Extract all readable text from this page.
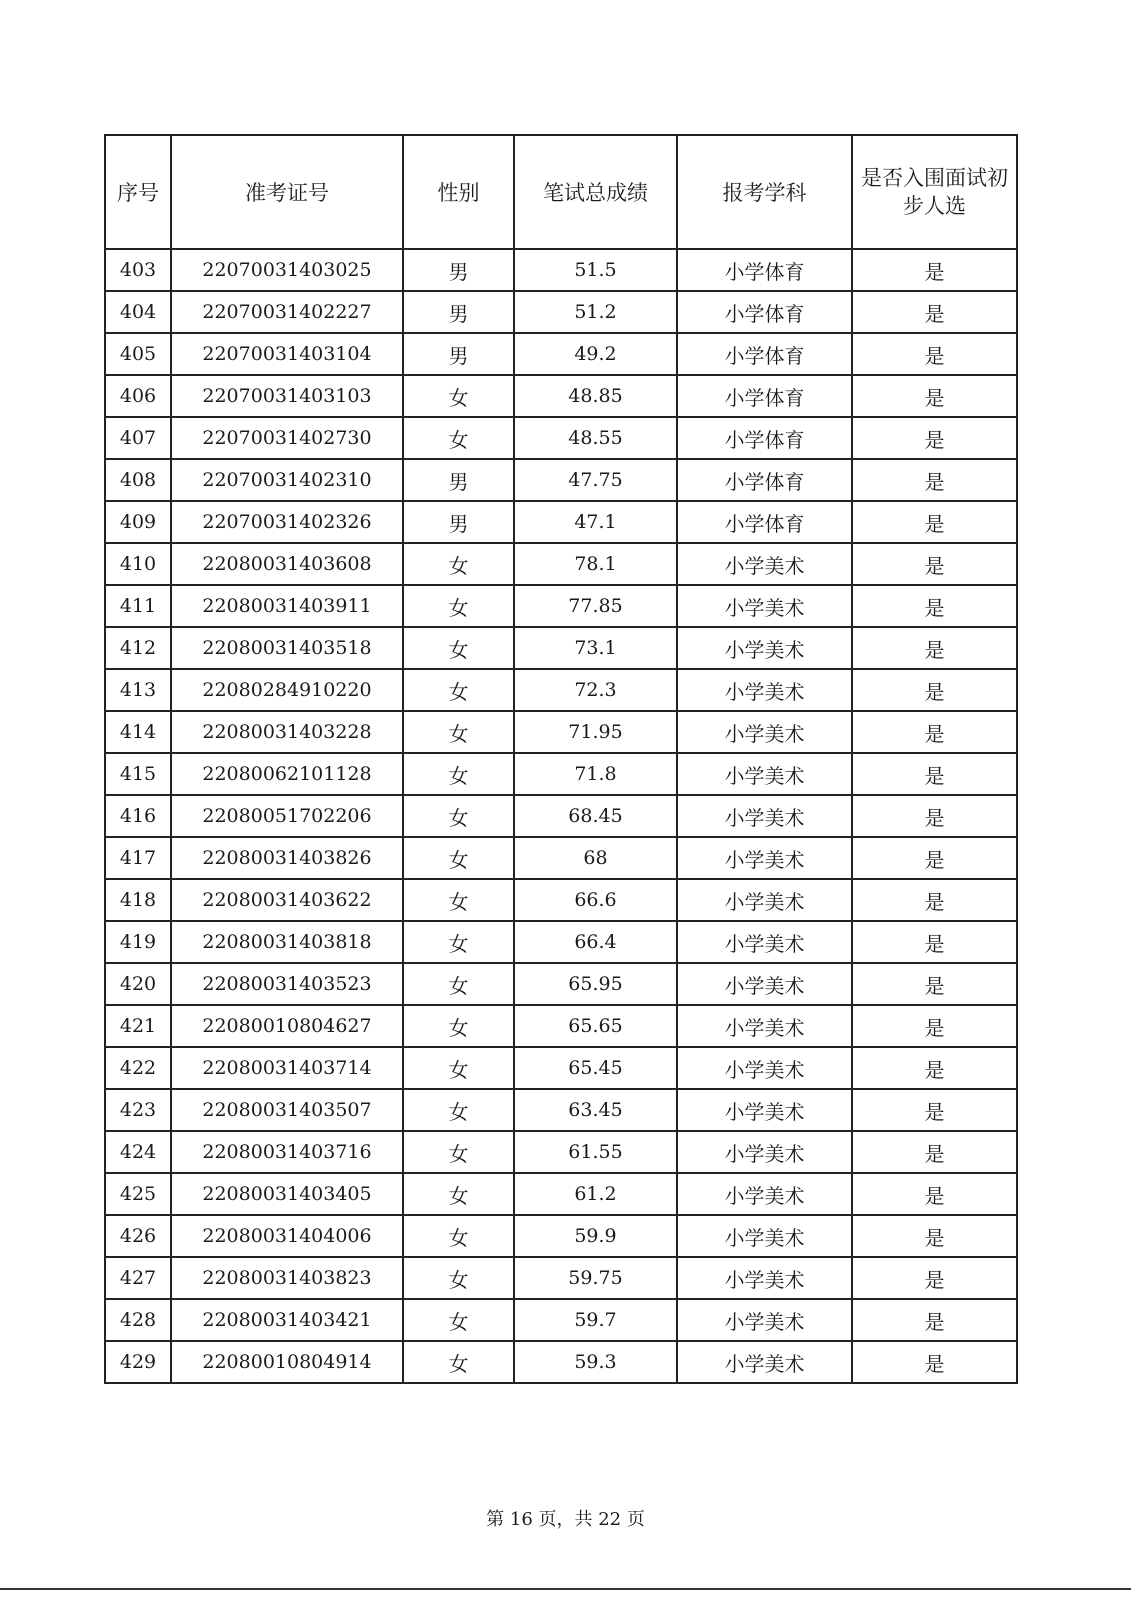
序号	准考证号	性别	笔试总成绩	报考学科	是否入围面试初步人选
403	22070031403025	男	51.5	小学体育	是
404	22070031402227	男	51.2	小学体育	是
405	22070031403104	男	49.2	小学体育	是
406	22070031403103	女	48.85	小学体育	是
407	22070031402730	女	48.55	小学体育	是
408	22070031402310	男	47.75	小学体育	是
409	22070031402326	男	47.1	小学体育	是
410	22080031403608	女	78.1	小学美术	是
411	22080031403911	女	77.85	小学美术	是
412	22080031403518	女	73.1	小学美术	是
413	22080284910220	女	72.3	小学美术	是
414	22080031403228	女	71.95	小学美术	是
415	22080062101128	女	71.8	小学美术	是
416	22080051702206	女	68.45	小学美术	是
417	22080031403826	女	68	小学美术	是
418	22080031403622	女	66.6	小学美术	是
419	22080031403818	女	66.4	小学美术	是
420	22080031403523	女	65.95	小学美术	是
421	22080010804627	女	65.65	小学美术	是
422	22080031403714	女	65.45	小学美术	是
423	22080031403507	女	63.45	小学美术	是
424	22080031403716	女	61.55	小学美术	是
425	22080031403405	女	61.2	小学美术	是
426	22080031404006	女	59.9	小学美术	是
427	22080031403823	女	59.75	小学美术	是
428	22080031403421	女	59.7	小学美术	是
429	22080010804914	女	59.3	小学美术	是
第 16 页，共 22 页
